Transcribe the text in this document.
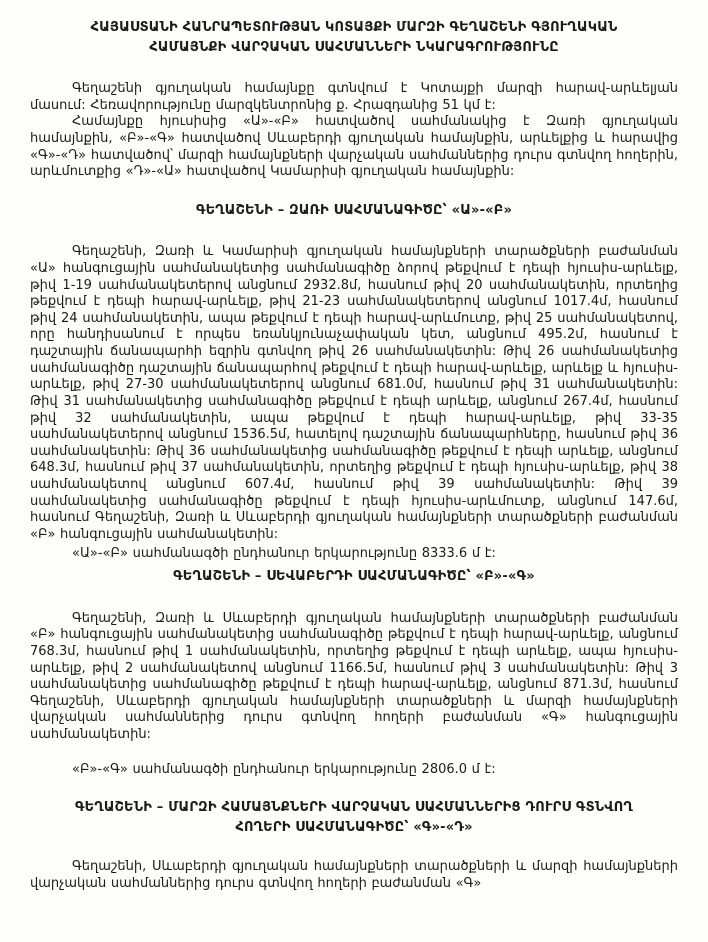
ՀԱՅԱՍՏԱՆԻ ՀԱՆՐԱՊԵՏՈՒԹՅԱՆ ԿՈՏԱՅՔԻ ՄԱՐԶԻ ԳԵՂԱՇԵՆԻ ԳՅՈՒՂԱԿԱՆ ՀԱՄԱՅՆՔԻ ՎԱՐՉԱԿԱՆ ՍԱՀՄԱՆՆԵՐԻ ՆԿԱՐԱԳՐՈՒԹՅՈՒՆԸ

Գեղաշենի գյուղական համայնքը գտնվում է Կոտայքի մարզի հարավ-արևելյան մասում: Հեռավորությունը մարզկենտրոնից ք. Հրազդանից 51 կմ է:

Համայնքը հյուսիսից «Ա»-«Բ» հատվածով սահմանակից է Զառի գյուղական համայնքին, «Բ»-«Գ» հատվածով Սևաբերդի գյուղական համայնքին, արևելքից և հարավից «Գ»-«Դ» հատվածով՝ մարզի համայնքների վարչական սահմաններից դուրս գտնվող հողերին, արևմուտքից «Դ»-«Ա» հատվածով Կամարիսի գյուղական համայնքին:

ԳԵՂԱՇԵՆԻ – ԶԱՌԻ ՍԱՀՄԱՆԱԳԻԾԸ՝ «Ա»-«Բ»

Գեղաշենի, Զառի և Կամարիսի գյուղական համայնքների տարածքների բաժանման «Ա» հանգուցային սահմանակետից սահմանագիծը ձորով թեքվում է դեպի հյուսիս-արևելք, թիվ 1-19 սահմանակետերով անցնում 2932.8մ, հասնում թիվ 20 սահմանակետին, որտեղից թեքվում է դեպի հարավ-արևելք, թիվ 21-23 սահմանակետերով անցնում 1017.4մ, հասնում թիվ 24 սահմանակետին, ապա թեքվում է դեպի հարավ-արևմուտք, թիվ 25 սահմանակետով, որը հանդիսանում է որպես եռանկյունաչափական կետ, անցնում 495.2մ, հասնում է դաշտային ճանապարհի եզրին գտնվող թիվ 26 սահմանակետին: Թիվ 26 սահմանակետից սահմանագիծը դաշտային ճանապարհով թեքվում է դեպի հարավ-արևելք, արևելք և հյուսիս-արևելք, թիվ 27-30 սահմանակետերով անցնում 681.0մ, հասնում թիվ 31 սահմանակետին: Թիվ 31 սահմանակետից սահմանագիծը թեքվում է դեպի արևելք, անցնում 267.4մ, հասնում թիվ 32 սահմանակետին, ապա թեքվում է դեպի հարավ-արևելք, թիվ 33-35 սահմանակետերով անցնում 1536.5մ, հատելով դաշտային ճանապարհները, հասնում թիվ 36 սահմանակետին: Թիվ 36 սահմանակետից սահմանագիծը թեքվում է դեպի արևելք, անցնում 648.3մ, հասնում թիվ 37 սահմանակետին, որտեղից թեքվում է դեպի հյուսիս-արևելք, թիվ 38 սահմանակետով անցնում 607.4մ, հասնում թիվ 39 սահմանակետին: Թիվ 39 սահմանակետից սահմանագիծը թեքվում է դեպի հյուսիս-արևմուտք, անցնում 147.6մ, հասնում Գեղաշենի, Զառի և Սևաբերդի գյուղական համայնքների տարածքների բաժանման «Բ» հանգուցային սահմանակետին:

«Ա»-«Բ» սահմանագծի ընդհանուր երկարությունը 8333.6 մ է:

ԳԵՂԱՇԵՆԻ – ՍԵՎԱԲԵՐԴԻ ՍԱՀՄԱՆԱԳԻԾԸ՝ «Բ»-«Գ»

Գեղաշենի, Զառի և Սևաբերդի գյուղական համայնքների տարածքների բաժանման «Բ» հանգուցային սահմանակետից սահմանագիծը թեքվում է դեպի հարավ-արևելք, անցնում 768.3մ, հասնում թիվ 1 սահմանակետին, որտեղից թեքվում է դեպի արևելք, ապա հյուսիս-արևելք, թիվ 2 սահմանակետով անցնում 1166.5մ, հասնում թիվ 3 սահմանակետին: Թիվ 3 սահմանակետից սահմանագիծը թեքվում է դեպի հարավ-արևելք, անցնում 871.3մ, հասնում Գեղաշենի, Սևաբերդի գյուղական համայնքների տարածքների և մարզի համայնքների վարչական սահմաններից դուրս գտնվող հողերի բաժանման «Գ» հանգուցային սահմանակետին:

«Բ»-«Գ» սահմանագծի ընդհանուր երկարությունը 2806.0 մ է:

ԳԵՂԱՇԵՆԻ – ՄԱՐԶԻ ՀԱՄԱՅՆՔՆԵՐԻ ՎԱՐՉԱԿԱՆ ՍԱՀՄԱՆՆԵՐԻՑ ԴՈՒՐՍ ԳՏՆՎՈՂ ՀՈՂԵՐԻ ՍԱՀՄԱՆԱԳԻԾԸ՝ «Գ»-«Դ»

Գեղաշենի, Սևաբերդի գյուղական համայնքների տարածքների և մարզի համայնքների վարչական սահմաններից դուրս գտնվող հողերի բաժանման «Գ»
